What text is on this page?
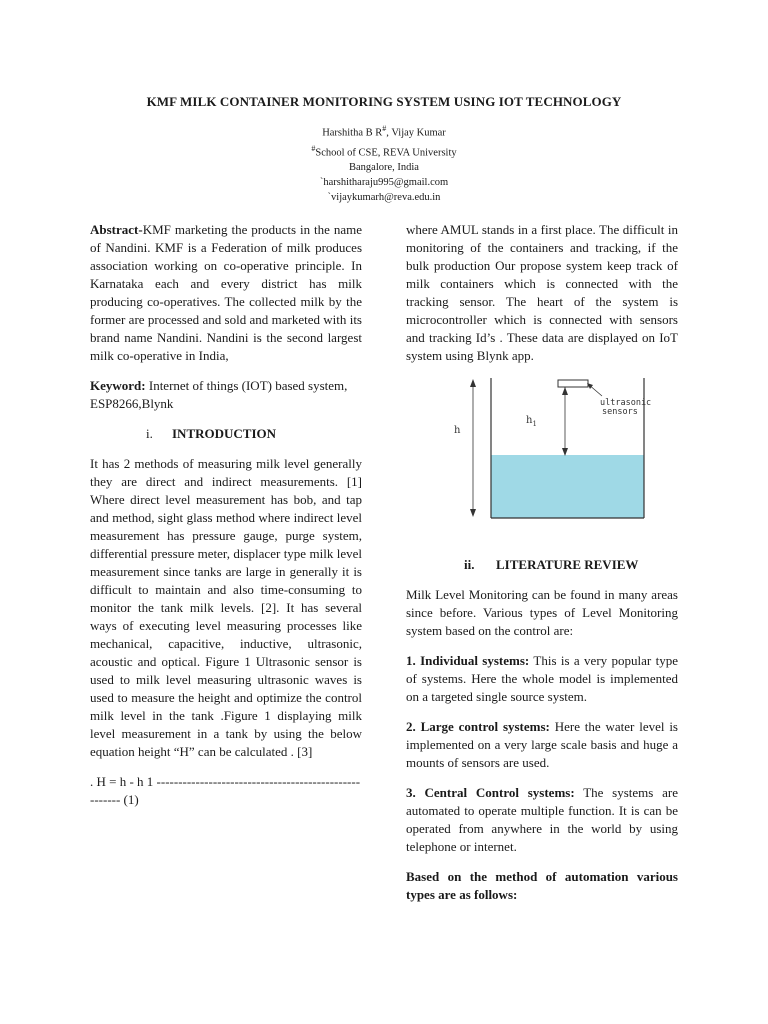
KMF MILK CONTAINER MONITORING SYSTEM USING IOT TECHNOLOGY
Harshitha B R#, Vijay Kumar
#School of CSE, REVA University
Bangalore, India
`harshitharaju995@gmail.com
`vijaykumarh@reva.edu.in

Abstract-KMF marketing the products in the name of Nandini. KMF is a Federation of milk produces association working on co-operative principle. In Karnataka each and every district has milk producing co-operatives. The collected milk by the former are processed and sold and marketed with its brand name Nandini. Nandini is the second largest milk co-operative in India,

Keyword: Internet of things (IOT) based system, ESP8266,Blynk

i. INTRODUCTION

It has 2 methods of measuring milk level generally they are direct and indirect measurements. [1] Where direct level measurement has bob, and tap and method, sight glass method where indirect level measurement has pressure gauge, purge system, differential pressure meter, displacer type milk level measurement since tanks are large in generally it is difficult to maintain and also time-consuming to monitor the tank milk levels. [2]. It has several ways of executing level measuring processes like mechanical, capacitive, inductive, ultrasonic, acoustic and optical. Figure 1 Ultrasonic sensor is used to milk level measuring ultrasonic waves is used to measure the height and optimize the control milk level in the tank .Figure 1 displaying milk level measurement in a tank by using the below equation height “H” can be calculated . [3]

. H = h - h 1 ------------------------------------------------------ (1)

where AMUL stands in a first place. The difficult in monitoring of the containers and tracking, if the bulk production Our propose system keep track of milk containers which is connected with the tracking sensor. The heart of the system is microcontroller which is connected with sensors and tracking Id’s . These data are displayed on IoT system using Blynk app.

h
$h_1$
ultrasonic
sensors
ii. LITERATURE REVIEW

Milk Level Monitoring can be found in many areas since before. Various types of Level Monitoring system based on the control are:

1. Individual systems: This is a very popular type of systems. Here the whole model is implemented on a targeted single source system.

2. Large control systems: Here the water level is implemented on a very large scale basis and huge a mounts of sensors are used.

3. Central Control systems: The systems are automated to operate multiple function. It is can be operated from anywhere in the world by using telephone or internet.

Based on the method of automation various types are as follows:
